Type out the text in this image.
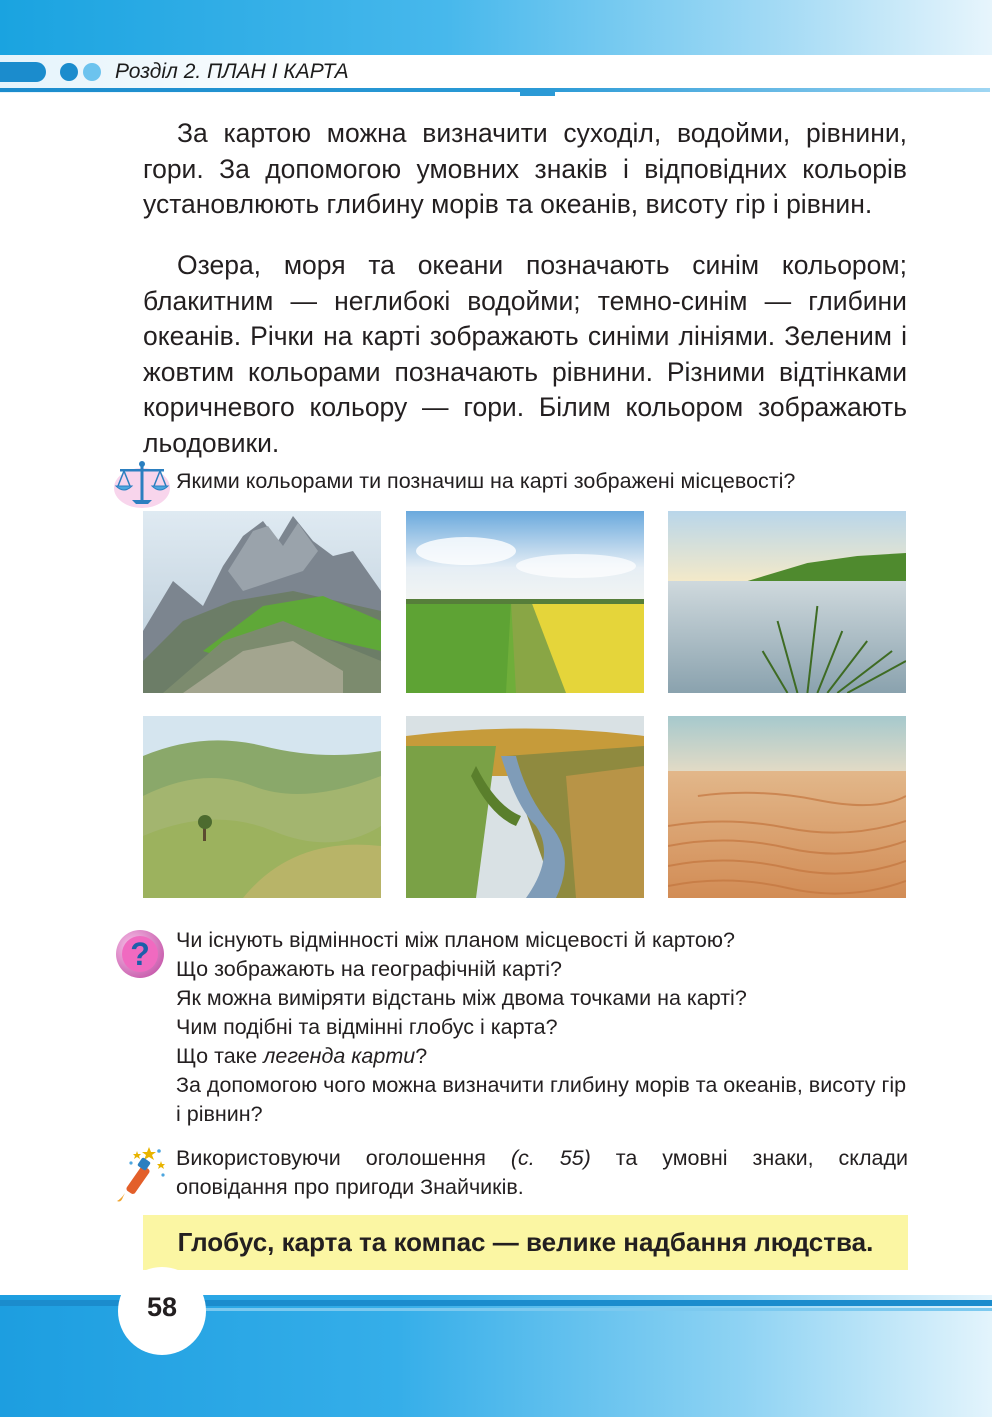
Розділ 2. ПЛАН І КАРТА

За картою можна визначити суходіл, водойми, рівнини, гори. За допомогою умовних знаків і відповідних кольорів установлюють глибину морів та океанів, висоту гір і рівнин.

Озера, моря та океани позначають синім кольором; блакитним — неглибокі водойми; темно-синім — глибини океанів. Річки на карті зображають синіми лініями. Зеленим і жовтим кольорами позначають рівнини. Різними відтінками коричневого кольору — гори. Білим кольором зображають льодовики.

Якими кольорами ти позначиш на карті зображені місцевості?
? Чи існують відмінності між планом місцевості й картою?
Що зображають на географічній карті?
Як можна виміряти відстань між двома точками на карті?
Чим подібні та відмінні глобус і карта?
Що таке легенда карти?
За допомогою чого можна визначити глибину морів та океанів, висоту гір і рівнин?

Використовуючи оголошення (с. 55) та умовні знаки, склади
оповідання про пригоди Знайчиків.

Глобус, карта та компас — велике надбання людства.
58
